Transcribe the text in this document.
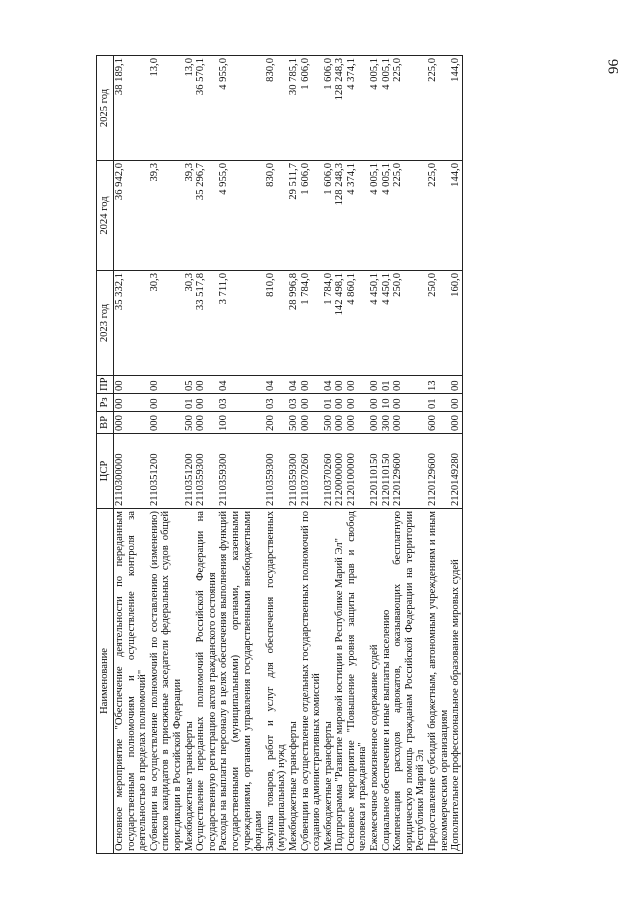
96
Наименование	ЦСР	ВР	Рз	ПР	2023 год	2024 год	2025 год
Основное мероприятие "Обеспечение деятельности по переданным государственным полномочиям и осуществление контроля за деятельностью в пределах полномочий"	2110300000	000	00	00	35 332,1	36 942,0	38 189,1
Субвенции на осуществление полномочий по составлению (изменению) списков кандидатов в присяжные заседатели федеральных судов общей юрисдикции в Российской Федерации	2110351200	000	00	00	30,3	39,3	13,0
Межбюджетные трансферты	2110351200	500	01	05	30,3	39,3	13,0
Осуществление переданных полномочий Российской Федерации на государственную регистрацию актов гражданского состояния	2110359300	000	00	00	33 517,8	35 296,7	36 570,1
Расходы на выплаты персоналу в целях обеспечения выполнения функций государственными (муниципальными) органами, казенными учреждениями, органами управления государственными внебюджетными фондами	2110359300	100	03	04	3 711,0	4 955,0	4 955,0
Закупка товаров, работ и услуг для обеспечения государственных (муниципальных) нужд	2110359300	200	03	04	810,0	830,0	830,0
Межбюджетные трансферты	2110359300	500	03	04	28 996,8	29 511,7	30 785,1
Субвенции на осуществление отдельных государственных полномочий по созданию административных комиссий	2110370260	000	00	00	1 784,0	1 606,0	1 606,0
Межбюджетные трансферты	2110370260	500	01	04	1 784,0	1 606,0	1 606,0
Подпрограмма "Развитие мировой юстиции в Республике Марий Эл"	2120000000	000	00	00	142 498,1	128 248,3	128 248,3
Основное мероприятие "Повышение уровня защиты прав и свобод человека и гражданина"	2120100000	000	00	00	4 860,1	4 374,1	4 374,1
Ежемесячное пожизненное содержание судей	2120110150	000	00	00	4 450,1	4 005,1	4 005,1
Социальное обеспечение и иные выплаты населению	2120110150	300	10	01	4 450,1	4 005,1	4 005,1
Компенсация расходов адвокатов, оказывающих бесплатную юридическую помощь гражданам Российской Федерации на территории Республики Марий Эл	2120129600	000	00	00	250,0	225,0	225,0
Предоставление субсидий бюджетным, автономным учреждениям и иным некоммерческим организациям	2120129600	600	01	13	250,0	225,0	225,0
Дополнительное профессиональное образование мировых судей	2120149280	000	00	00	160,0	144,0	144,0
